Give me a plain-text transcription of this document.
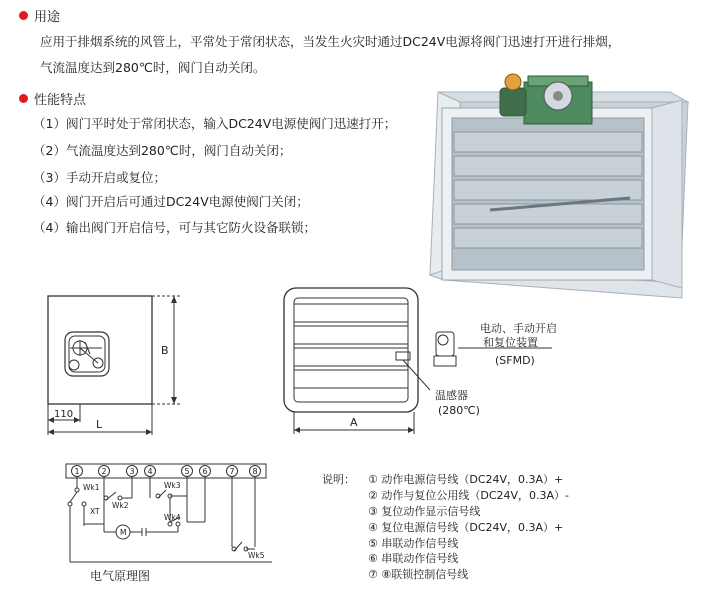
用途
应用于排烟系统的风管上，平常处于常闭状态，当发生火灾时通过DC24V电源将阀门迅速打开进行排烟，
气流温度达到280℃时，阀门自动关闭。
性能特点
（1）阀门平时处于常闭状态，输入DC24V电源使阀门迅速打开；
（2）气流温度达到280℃时，阀门自动关闭；
（3）手动开启或复位；
（4）阀门开启后可通过DC24V电源使阀门关闭；
（4）输出阀门开启信号，可与其它防火设备联锁；
B
110
L	A
温感器
(280℃)
电动、手动开启
和复位装置
(SFMD)
1	2	3 4	5 6	7 8
Wk1
Wk2
Wk3
Wk4
Wk5
XT
M
电气原理图
说明： ① 动作电源信号线（DC24V，0.3A）+
② 动作与复位公用线（DC24V，0.3A）-
③ 复位动作显示信号线
④ 复位电源信号线（DC24V，0.3A）+
⑤ 串联动作信号线
⑥ 串联动作信号线
⑦ ⑧联锁控制信号线
